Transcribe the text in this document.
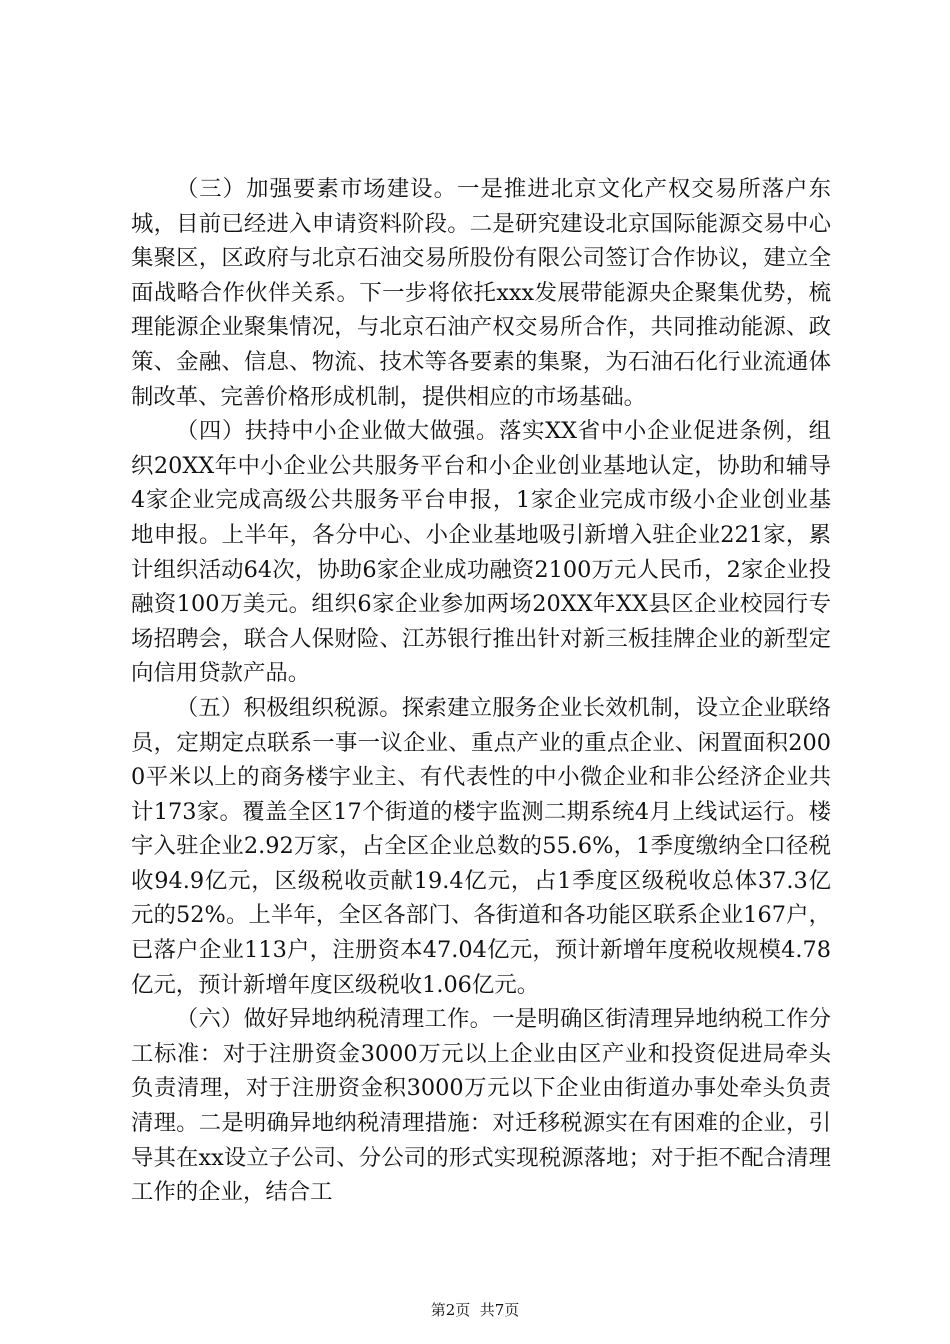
（三）加强要素市场建设。一是推进北京文化产权交易所落户东城，目前已经进入申请资料阶段。二是研究建设北京国际能源交易中心集聚区，区政府与北京石油交易所股份有限公司签订合作协议，建立全面战略合作伙伴关系。下一步将依托xxx发展带能源央企聚集优势，梳理能源企业聚集情况，与北京石油产权交易所合作，共同推动能源、政策、金融、信息、物流、技术等各要素的集聚，为石油石化行业流通体制改革、完善价格形成机制，提供相应的市场基础。

（四）扶持中小企业做大做强。落实XX省中小企业促进条例，组织20XX年中小企业公共服务平台和小企业创业基地认定，协助和辅导4家企业完成高级公共服务平台申报，1家企业完成市级小企业创业基地申报。上半年，各分中心、小企业基地吸引新增入驻企业221家，累计组织活动64次，协助6家企业成功融资2100万元人民币，2家企业投融资100万美元。组织6家企业参加两场20XX年XX县区企业校园行专场招聘会，联合人保财险、江苏银行推出针对新三板挂牌企业的新型定向信用贷款产品。

（五）积极组织税源。探索建立服务企业长效机制，设立企业联络员，定期定点联系一事一议企业、重点产业的重点企业、闲置面积2000平米以上的商务楼宇业主、有代表性的中小微企业和非公经济企业共计173家。覆盖全区17个街道的楼宇监测二期系统4月上线试运行。楼宇入驻企业2.92万家，占全区企业总数的55.6%，1季度缴纳全口径税收94.9亿元，区级税收贡献19.4亿元，占1季度区级税收总体37.3亿元的52%。上半年，全区各部门、各街道和各功能区联系企业167户，已落户企业113户，注册资本47.04亿元，预计新增年度税收规模4.78亿元，预计新增年度区级税收1.06亿元。

（六）做好异地纳税清理工作。一是明确区街清理异地纳税工作分工标准：对于注册资金3000万元以上企业由区产业和投资促进局牵头负责清理，对于注册资金积3000万元以下企业由街道办事处牵头负责清理。二是明确异地纳税清理措施：对迁移税源实在有困难的企业，引导其在xx设立子公司、分公司的形式实现税源落地；对于拒不配合清理工作的企业，结合工

第2页  共7页
